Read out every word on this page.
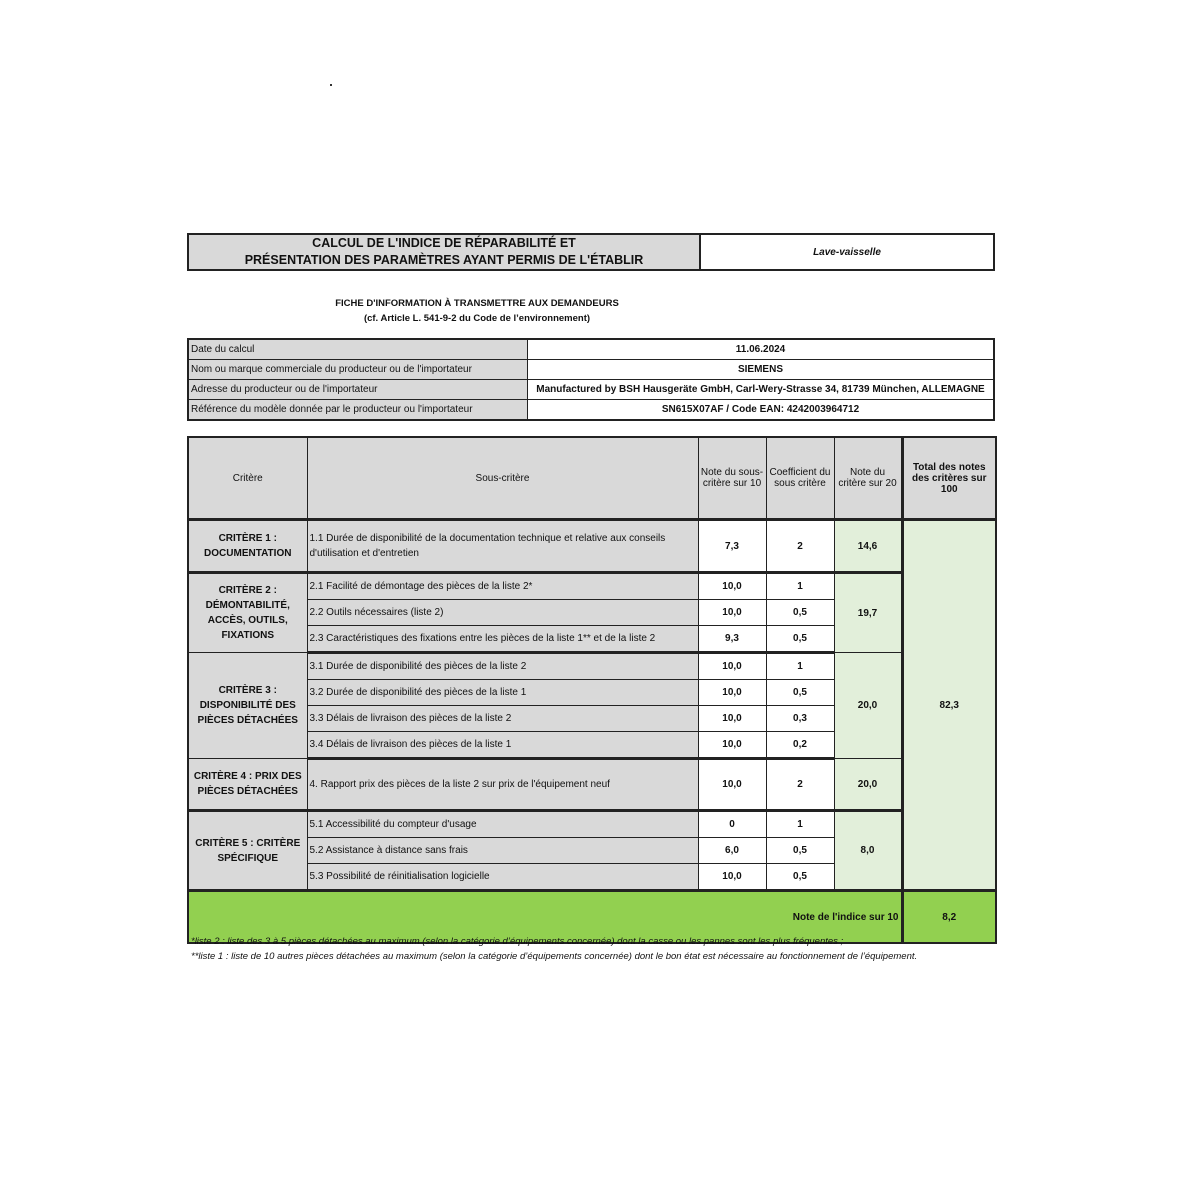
CALCUL DE L'INDICE DE RÉPARABILITÉ ET
PRÉSENTATION DES PARAMÈTRES AYANT PERMIS DE L'ÉTABLIR
Lave-vaisselle
FICHE D'INFORMATION À TRANSMETTRE AUX DEMANDEURS
(cf. Article L. 541-9-2 du Code de l’environnement)
Date du calcul	11.06.2024
Nom ou marque commerciale du producteur ou de l'importateur	SIEMENS
Adresse du producteur ou de l'importateur	Manufactured by BSH Hausgeräte GmbH, Carl-Wery-Strasse 34, 81739 München, ALLEMAGNE
Référence du modèle donnée par le producteur ou l'importateur	SN615X07AF / Code EAN: 4242003964712
Critère	Sous-critère	Note du sous-critère sur 10	Coefficient du sous critère	Note du critère sur 20	Total des notes des critères sur 100
CRITÈRE 1 : DOCUMENTATION	1.1 Durée de disponibilité de la documentation technique et relative aux conseils d'utilisation et d'entretien	7,3	2	14,6	82,3
CRITÈRE 2 : DÉMONTABILITÉ, ACCÈS, OUTILS, FIXATIONS	2.1 Facilité de démontage des pièces de la liste 2*	10,0	1	19,7	
	2.2 Outils nécessaires (liste 2)	10,0	0,5		
	2.3 Caractéristiques des fixations entre les pièces de la liste 1** et de la liste 2	9,3	0,5		
CRITÈRE 3 : DISPONIBILITÉ DES PIÈCES DÉTACHÉES	3.1 Durée de disponibilité des pièces de la liste 2	10,0	1	20,0	
	3.2 Durée de disponibilité des pièces de la liste 1	10,0	0,5		
	3.3 Délais de livraison des pièces de la liste 2	10,0	0,3		
	3.4 Délais de livraison des pièces de la liste 1	10,0	0,2		
CRITÈRE 4 : PRIX DES PIÈCES DÉTACHÉES	4. Rapport prix des pièces de la liste 2 sur prix de l'équipement neuf	10,0	2	20,0	
CRITÈRE 5 : CRITÈRE SPÉCIFIQUE	5.1 Accessibilité du compteur d'usage	0	1	8,0	
	5.2 Assistance à distance sans frais	6,0	0,5		
	5.3 Possibilité de réinitialisation logicielle	10,0	0,5		
Note de l'indice sur 10					8,2
*liste 2 : liste des 3 à 5 pièces détachées au maximum (selon la catégorie d’équipements concernée) dont la casse ou les pannes sont les plus fréquentes ;
**liste 1 : liste de 10 autres pièces détachées au maximum (selon la catégorie d’équipements concernée) dont le bon état est nécessaire au fonctionnement de l’équipement.
